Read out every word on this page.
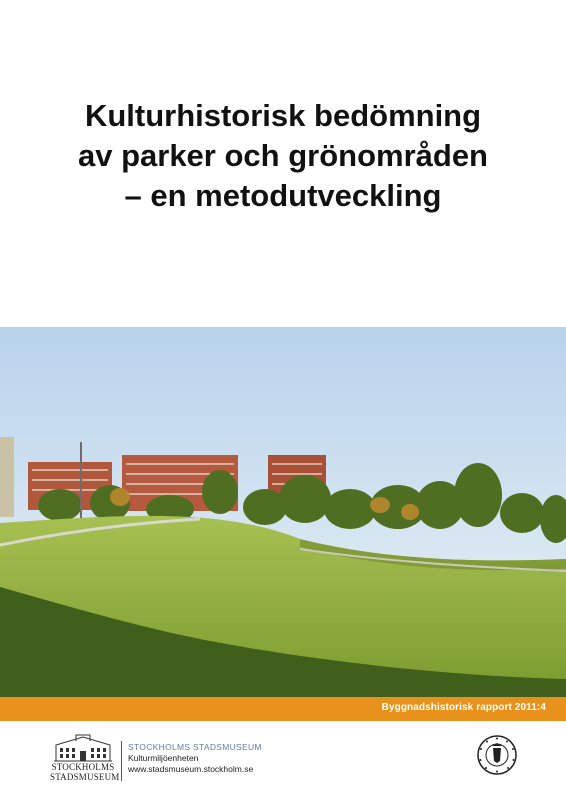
Kulturhistorisk bedömning
av parker och grönområden
– en metodutveckling
Byggnadshistorisk rapport 2011:4
STOCKHOLMS
STADSMUSEUM
STOCKHOLMS STADSMUSEUM
Kulturmiljöenheten
www.stadsmuseum.stockholm.se
